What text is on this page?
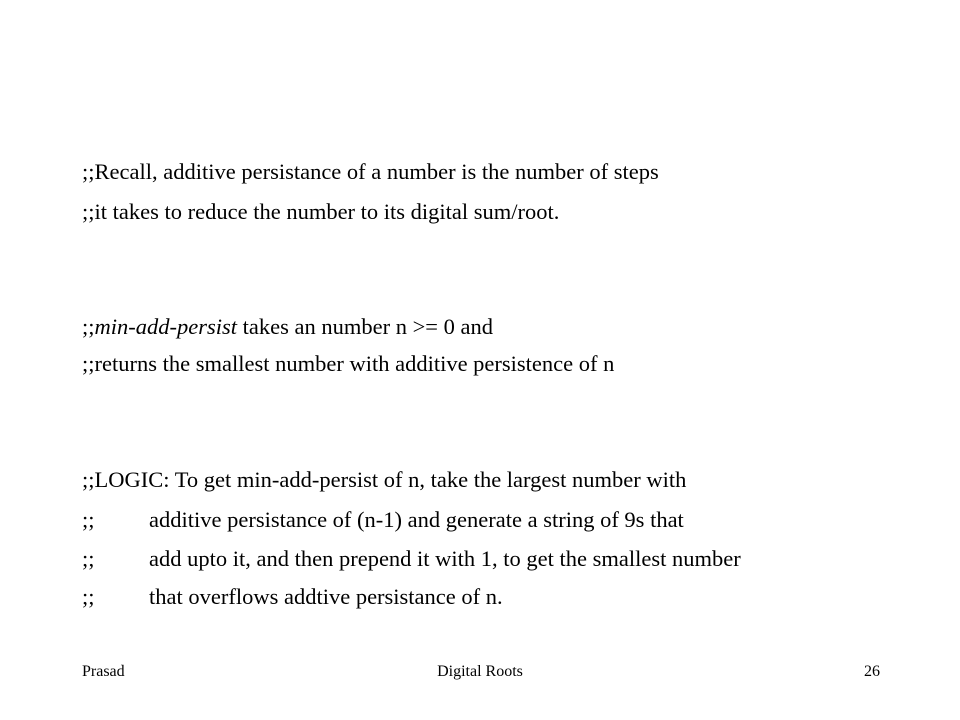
;;Recall, additive persistance of a number is the number of steps
;;it takes to reduce the number to its digital sum/root.
;;min-add-persist takes an number n >= 0 and
;;returns the smallest number with additive persistence of n
;;LOGIC: To get min-add-persist of n, take the largest number with
;; additive persistance of (n-1) and generate a string of 9s that
;; add upto it, and then prepend it with 1, to get the smallest number
;; that overflows addtive persistance of n.
Prasad	Digital Roots	26
